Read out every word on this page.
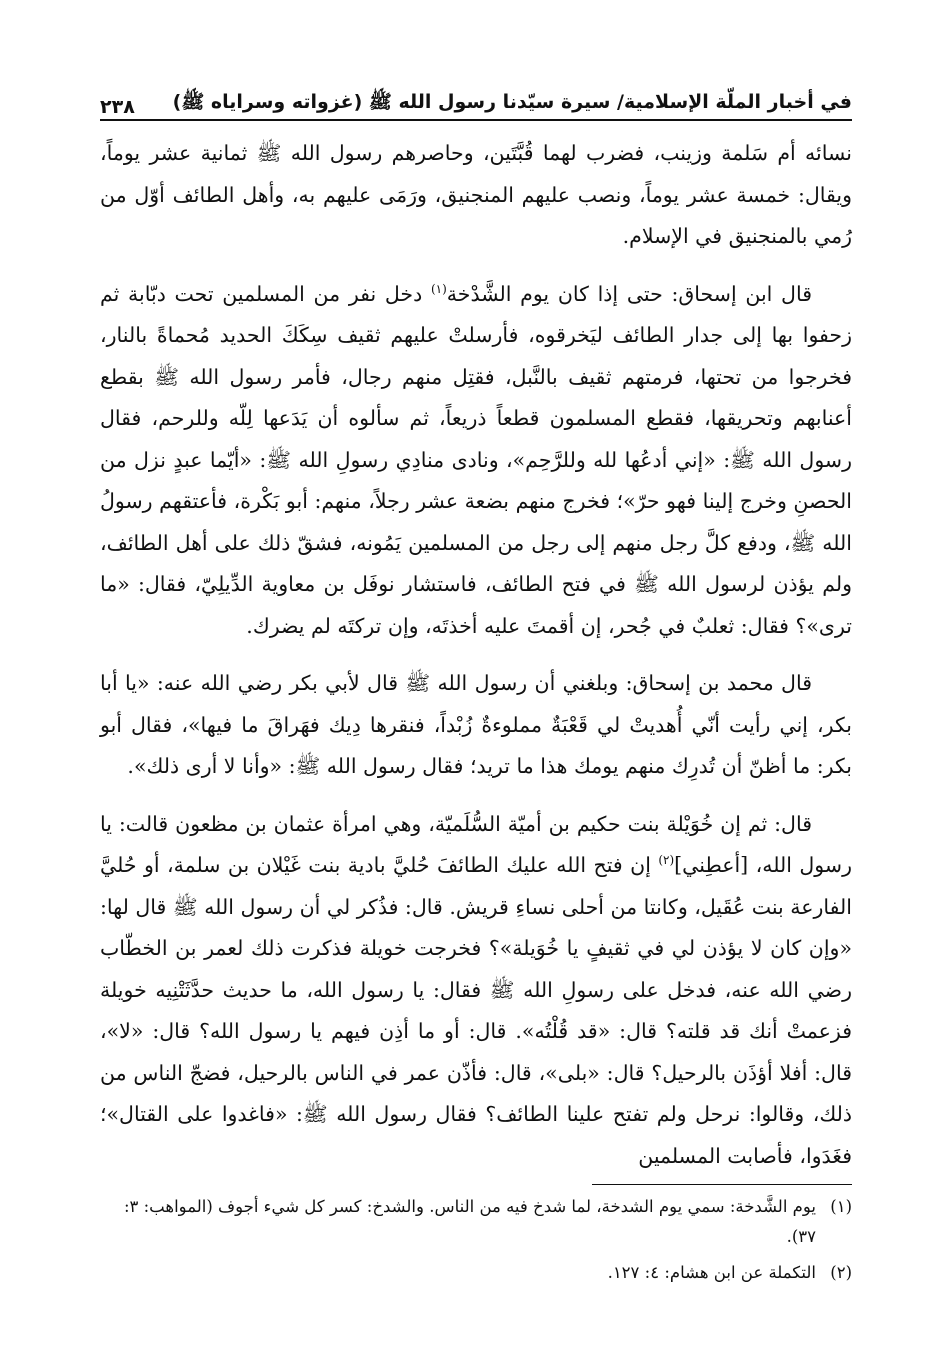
في أخبار الملّة الإسلامية/ سيرة سيّدنا رسول الله ﷺ (غزواته وسراياه ﷺ)
٢٣٨

نسائه أم سَلمة وزينب، فضرب لهما قُبَّتَين، وحاصرهم رسول الله ﷺ ثمانية عشر يوماً، ويقال: خمسة عشر يوماً، ونصب عليهم المنجنيق، ورَمَى عليهم به، وأهل الطائف أوّل من رُمي بالمنجنيق في الإسلام.

قال ابن إسحاق: حتى إذا كان يوم الشَّدْخة$^{(١)}$ دخل نفر من المسلمين تحت دبّابة ثم زحفوا بها إلى جدار الطائف ليَخرقوه، فأرسلتْ عليهم ثقيف سِكَكَ الحديد مُحماةً بالنار، فخرجوا من تحتها، فرمتهم ثقيف بالنَّبل، فقتِل منهم رجال، فأمر رسول الله ﷺ بقطع أعنابهم وتحريقها، فقطع المسلمون قطعاً ذريعاً، ثم سألوه أن يَدَعها لِلّه وللرحم، فقال رسول الله ﷺ: «إني أدعُها لله وللرَّحِم»، ونادى منادِي رسولِ الله ﷺ: «أيّما عبدٍ نزل من الحصنِ وخرج إلينا فهو حرّ»؛ فخرج منهم بضعة عشر رجلاً، منهم: أبو بَكْرة، فأعتقهم رسولُ الله ﷺ، ودفع كلَّ رجل منهم إلى رجل من المسلمين يَمُونه، فشقّ ذلك على أهل الطائف، ولم يؤذن لرسول الله ﷺ في فتح الطائف، فاستشار نوفَل بن معاوية الدِّيلِيّ، فقال: «ما ترى»؟ فقال: ثعلبٌ في جُحر، إن أقمتَ عليه أخذتَه، وإن تركتَه لم يضرك.

قال محمد بن إسحاق: وبلغني أن رسول الله ﷺ قال لأبي بكر رضي الله عنه: «يا أبا بكر، إني رأيت أنّي أُهديتْ لي قَعْبَةٌ مملوءةٌ زُبْداً، فنقرها دِيك فهَراقَ ما فيها»، فقال أبو بكر: ما أظنّ أن تُدرِك منهم يومك هذا ما تريد؛ فقال رسول الله ﷺ: «وأنا لا أرى ذلك».

قال: ثم إن خُوَيْلة بنت حكيم بن أميّة السُّلَميّة، وهي امرأة عثمان بن مظعون قالت: يا رسول الله، [أعطِني]$^{(٢)}$ إن فتح الله عليك الطائفَ حُليَّ بادية بنت غَيْلان بن سلمة، أو حُليَّ الفارعة بنت عُقَيل، وكانتا من أحلى نساءِ قريش. قال: فذُكر لي أن رسول الله ﷺ قال لها: «وإن كان لا يؤذن لي في ثقيفٍ يا خُوَيلة»؟ فخرجت خويلة فذكرت ذلك لعمر بن الخطّاب رضي الله عنه، فدخل على رسولِ الله ﷺ فقال: يا رسول الله، ما حديث حدَّثَتْنِيه خويلة فزعمتْ أنك قد قلته؟ قال: «قد قُلْتُه». قال: أو ما أذِن فيهم يا رسول الله؟ قال: «لا»، قال: أفلا أؤذَن بالرحيل؟ قال: «بلى»، قال: فأذّن عمر في الناس بالرحيل، فضجّ الناس من ذلك، وقالوا: نرحل ولم تفتح علينا الطائف؟ فقال رسول الله ﷺ: «فاغدوا على القتال»؛ فغَدَوا، فأصابت المسلمين

(١)
يوم الشَّدخة: سمي يوم الشدخة، لما شدخ فيه من الناس. والشدخ: كسر كل شيء أجوف (المواهب: ٣: ٣٧).
(٢)
التكملة عن ابن هشام: ٤: ١٢٧.
